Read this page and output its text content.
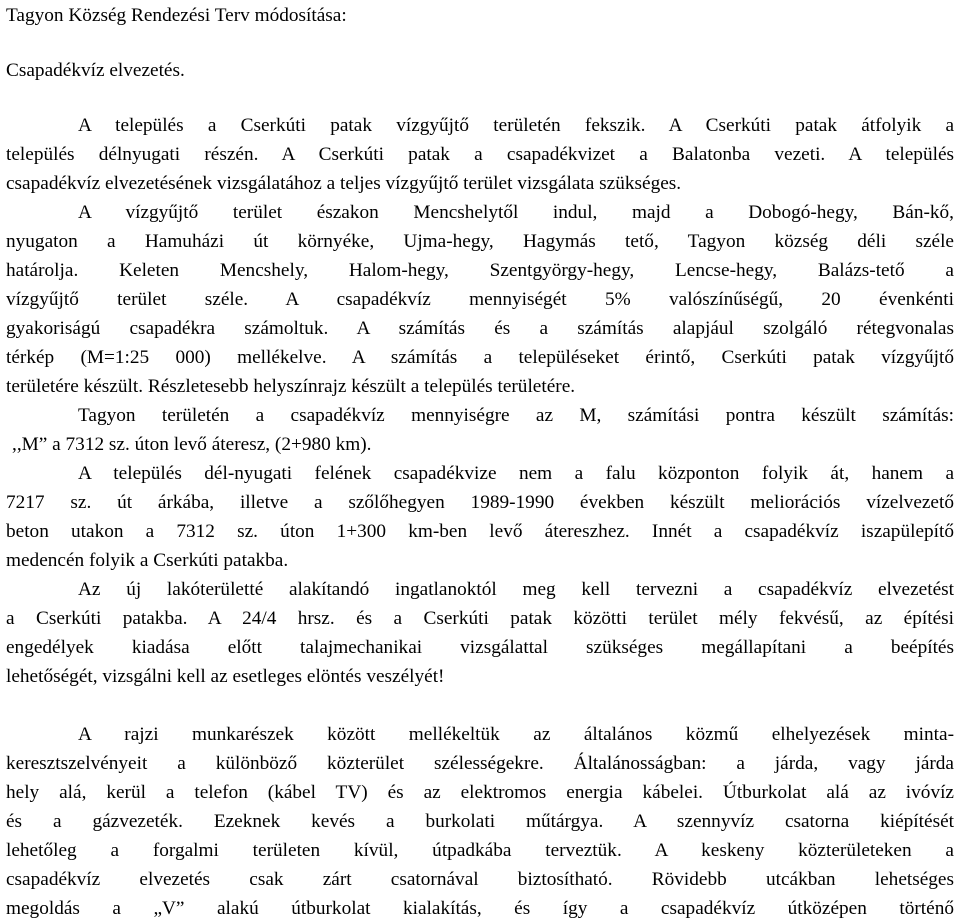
Tagyon Község Rendezési Terv módosítása:
Csapadékvíz elvezetés.
A település a Cserkúti patak vízgyűjtő területén fekszik. A Cserkúti patak átfolyik a
település délnyugati részén. A Cserkúti patak a csapadékvizet a Balatonba vezeti. A település
csapadékvíz elvezetésének vizsgálatához a teljes vízgyűjtő terület vizsgálata szükséges.
A vízgyűjtő terület északon Mencshelytől indul, majd a Dobogó-hegy, Bán-kő,
nyugaton a Hamuházi út környéke, Ujma-hegy, Hagymás tető, Tagyon község déli széle
határolja. Keleten Mencshely, Halom-hegy, Szentgyörgy-hegy, Lencse-hegy, Balázs-tető a
vízgyűjtő terület széle. A csapadékvíz mennyiségét 5% valószínűségű, 20 évenkénti
gyakoriságú csapadékra számoltuk. A számítás és a számítás alapjául szolgáló rétegvonalas
térkép (M=1:25 000) mellékelve. A számítás a településeket érintő, Cserkúti patak vízgyűjtő
területére készült. Részletesebb helyszínrajz készült a település területére.
Tagyon területén a csapadékvíz mennyiségre az M, számítási pontra készült számítás:
,,M” a 7312 sz. úton levő áteresz, (2+980 km).
A település dél-nyugati felének csapadékvize nem a falu központon folyik át, hanem a
7217 sz. út árkába, illetve a szőlőhegyen 1989-1990 években készült meliorációs vízelvezető
beton utakon a 7312 sz. úton 1+300 km-ben levő átereszhez. Innét a csapadékvíz iszapülepítő
medencén folyik a Cserkúti patakba.
Az új lakóterületté alakítandó ingatlanoktól meg kell tervezni a csapadékvíz elvezetést
a Cserkúti patakba. A 24/4 hrsz. és a Cserkúti patak közötti terület mély fekvésű, az építési
engedélyek kiadása előtt talajmechanikai vizsgálattal szükséges megállapítani a beépítés
lehetőségét, vizsgálni kell az esetleges elöntés veszélyét!
A rajzi munkarészek között mellékeltük az általános közmű elhelyezések minta-
keresztszelvényeit a különböző közterület szélességekre. Általánosságban: a járda, vagy járda
hely alá, kerül a telefon (kábel TV) és az elektromos energia kábelei. Útburkolat alá az ivóvíz
és a gázvezeték. Ezeknek kevés a burkolati műtárgya. A szennyvíz csatorna kiépítését
lehetőleg a forgalmi területen kívül, útpadkába terveztük. A keskeny közterületeken a
csapadékvíz elvezetés csak zárt csatornával biztosítható. Rövidebb utcákban lehetséges
megoldás a „V” alakú útburkolat kialakítás, és így a csapadékvíz útközépen történő
